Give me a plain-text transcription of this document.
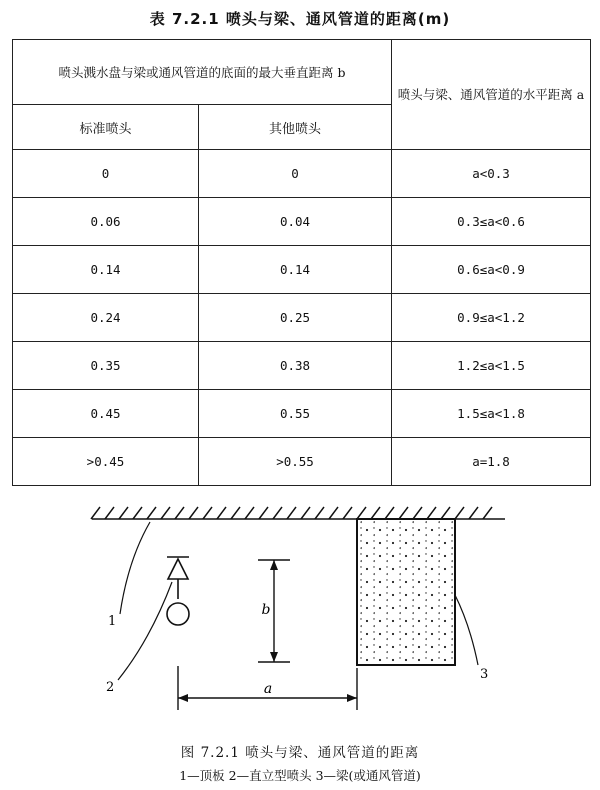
表 7.2.1 喷头与梁、通风管道的距离(m)
喷头溅水盘与梁或通风管道的底面的最大垂直距离 b		喷头与梁、通风管道的水平距离 a
标准喷头	其他喷头	
0	0	a<0.3
0.06	0.04	0.3≤a<0.6
0.14	0.14	0.6≤a<0.9
0.24	0.25	0.9≤a<1.2
0.35	0.38	1.2≤a<1.5
0.45	0.55	1.5≤a<1.8
>0.45	>0.55	a=1.8
b
a
1
2
3
图 7.2.1 喷头与梁、通风管道的距离
1—顶板 2—直立型喷头 3—梁(或通风管道)
